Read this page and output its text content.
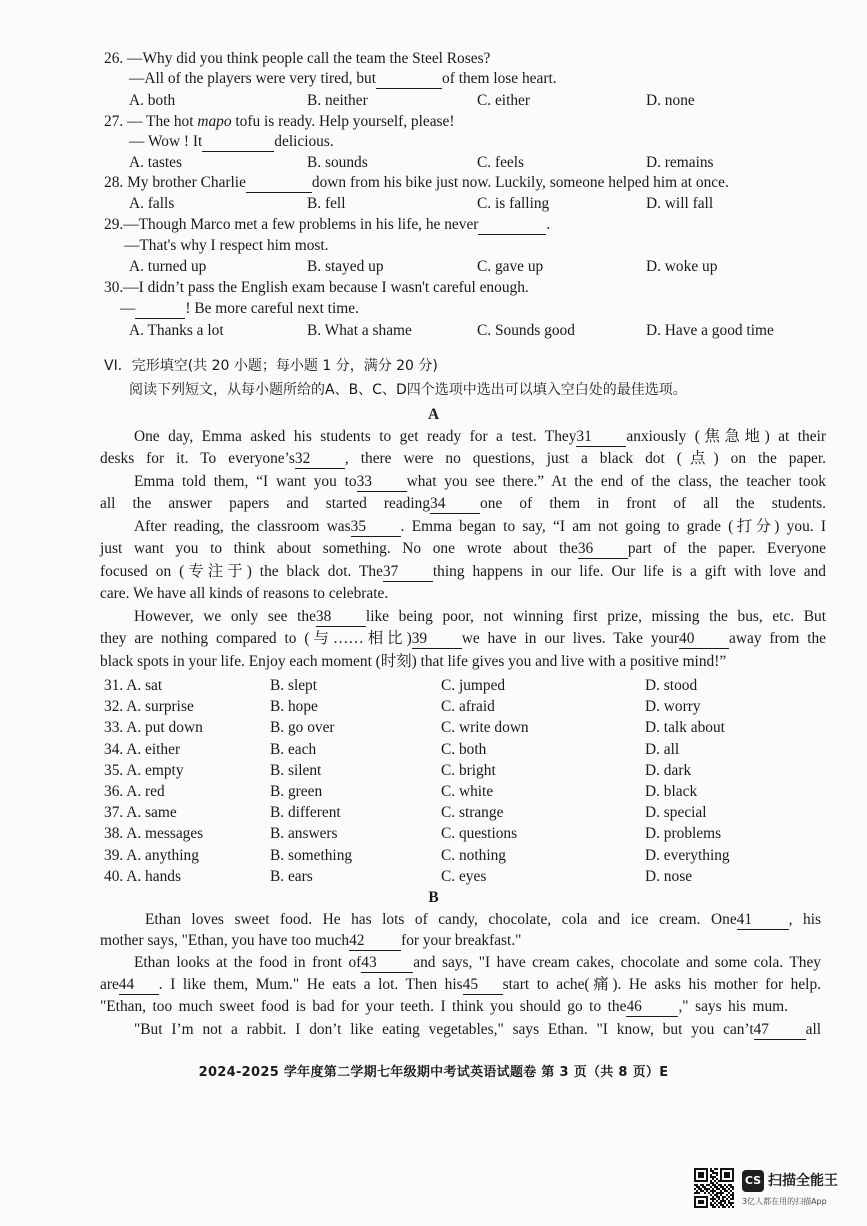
26. —Why did you think people call the team the Steel Roses?
—All of the players were very tired, but	of them lose heart.
A. both	B. neither	C. either	D. none
27. — The hot mapo tofu is ready. Help yourself, please!
— Wow ! It	delicious.
A. tastes	B. sounds	C. feels	D. remains
28. My brother Charlie	down from his bike just now. Luckily, someone helped him at once.
A. falls	B. fell	C. is falling	D. will fall
29.—Though Marco met a few problems in his life, he never	.
—That's why I respect him most.
A. turned up	B. stayed up	C. gave up	D. woke up
30.—I didn’t pass the English exam because I wasn't careful enough.
—	! Be more careful next time.
A. Thanks a lot	B. What a shame	C. Sounds good	D. Have a good time
VI．完形填空(共 20 小题；每小题 1 分，满分 20 分)
阅读下列短文，从每小题所给的A、B、C、D四个选项中选出可以填入空白处的最佳选项。
A
One day, Emma asked his students to get ready for a test. They31 anxiously (焦急地) at their
desks for it. To everyone’s32 , there were no questions, just a black dot (点) on the paper.
Emma told them, “I want you to33 what you see there.” At the end of the class, the teacher took
all the answer papers and started reading34 one of them in front of all the students.
After reading, the classroom was35 . Emma began to say, “I am not going to grade (打分) you. I
just want you to think about something. No one wrote about the36 part of the paper. Everyone
focused on (专注于) the black dot. The37 thing happens in our life. Our life is a gift with love and
care. We have all kinds of reasons to celebrate.
However, we only see the38 like being poor, not winning first prize, missing the bus, etc. But
they are nothing compared to (与……相比)39 we have in our lives. Take your40 away from the
black spots in your life. Enjoy each moment (时刻) that life gives you and live with a positive mind!”
31. A. sat	B. slept	C. jumped	D. stood
32. A. surprise	B. hope	C. afraid	D. worry
33. A. put down	B. go over	C. write down	D. talk about
34. A. either	B. each	C. both	D. all
35. A. empty	B. silent	C. bright	D. dark
36. A. red	B. green	C. white	D. black
37. A. same	B. different	C. strange	D. special
38. A. messages	B. answers	C. questions	D. problems
39. A. anything	B. something	C. nothing	D. everything
40. A. hands	B. ears	C. eyes	D. nose
B
Ethan loves sweet food. He has lots of candy, chocolate, cola and ice cream. One41 , his
mother says, "Ethan, you have too much42 for your breakfast."
Ethan looks at the food in front of43 and says, "I have cream cakes, chocolate and some cola. They
are44 . I like them, Mum." He eats a lot. Then his45 start to ache(痛). He asks his mother for help.
"Ethan, too much sweet food is bad for your teeth. I think you should go to the46 ," says his mum.
"But I’m not a rabbit. I don’t like eating vegetables," says Ethan. "I know, but you can’t47 all
2024-2025 学年度第二学期七年级期中考试英语试题卷 第 3 页（共 8 页）E
CS 扫描全能王
3亿人都在用的扫描App
